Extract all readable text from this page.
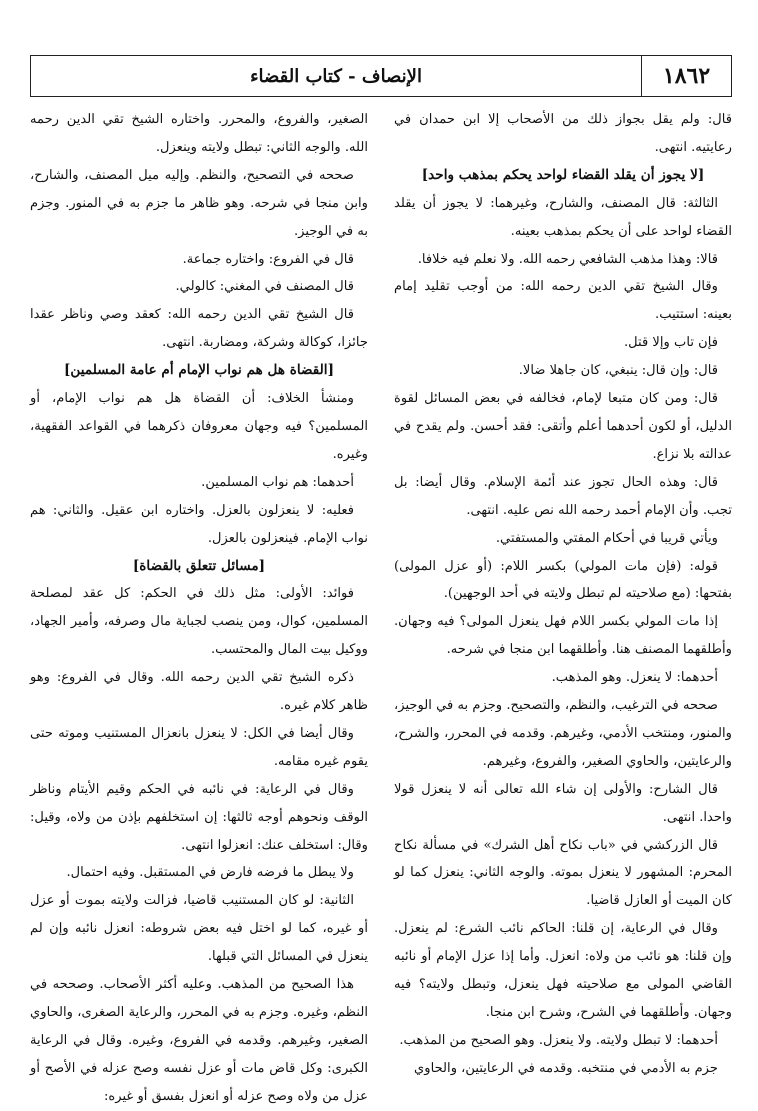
١٨٦٢
الإنصاف - كتاب القضاء

قال: ولم يقل بجواز ذلك من الأصحاب إلا ابن حمدان في رعايتيه. انتهى.

[لا يجوز أن يقلد القضاء لواحد يحكم بمذهب واحد]

الثالثة: قال المصنف، والشارح، وغيرهما: لا يجوز أن يقلد القضاء لواحد على أن يحكم بمذهب بعينه.

قالا: وهذا مذهب الشافعي رحمه الله. ولا نعلم فيه خلافا.

وقال الشيخ تقي الدين رحمه الله: من أوجب تقليد إمام بعينه: استتيب.

فإن تاب وإلا قتل.

قال: وإن قال: ينبغي، كان جاهلا ضالا.

قال: ومن كان متبعا لإمام، فخالفه في بعض المسائل لقوة الدليل، أو لكون أحدهما أعلم وأتقى: فقد أحسن. ولم يقدح في عدالته بلا نزاع.

قال: وهذه الحال تجوز عند أئمة الإسلام. وقال أيضا: بل تجب. وأن الإمام أحمد رحمه الله نص عليه. انتهى.

ويأتي قريبا في أحكام المفتي والمستفتي.

قوله: (فإن مات المولي) بكسر اللام: (أو عزل المولى) بفتحها: (مع صلاحيته لم تبطل ولايته في أحد الوجهين).

إذا مات المولي بكسر اللام فهل ينعزل المولى؟ فيه وجهان. وأطلقهما المصنف هنا. وأطلقهما ابن منجا في شرحه.

أحدهما: لا ينعزل. وهو المذهب.

صححه في الترغيب، والنظم، والتصحيح. وجزم به في الوجيز، والمنور، ومنتخب الأدمي، وغيرهم. وقدمه في المحرر، والشرح، والرعايتين، والحاوي الصغير، والفروع، وغيرهم.

قال الشارح: والأولى إن شاء الله تعالى أنه لا ينعزل قولا واحدا. انتهى.

قال الزركشي في «باب نكاح أهل الشرك» في مسألة نكاح المحرم: المشهور لا ينعزل بموته. والوجه الثاني: ينعزل كما لو كان الميت أو العازل قاضيا.

وقال في الرعاية، إن قلنا: الحاكم نائب الشرع: لم ينعزل. وإن قلنا: هو نائب من ولاه: انعزل. وأما إذا عزل الإمام أو نائبه القاضي المولى مع صلاحيته فهل ينعزل، وتبطل ولايته؟ فيه وجهان. وأطلقهما في الشرح، وشرح ابن منجا.

أحدهما: لا تبطل ولايته. ولا ينعزل. وهو الصحيح من المذهب.

جزم به الأدمي في منتخبه. وقدمه في الرعايتين، والحاوي

الصغير، والفروع، والمحرر. واختاره الشيخ تقي الدين رحمه الله. والوجه الثاني: تبطل ولايته وينعزل.

صححه في التصحيح، والنظم. وإليه ميل المصنف، والشارح، وابن منجا في شرحه. وهو ظاهر ما جزم به في المنور. وجزم به في الوجيز.

قال في الفروع: واختاره جماعة.

قال المصنف في المغني: كالولي.

قال الشيخ تقي الدين رحمه الله: كعقد وصي وناظر عقدا جائزا، كوكالة وشركة، ومضاربة. انتهى.

[القضاة هل هم نواب الإمام أم عامة المسلمين]

ومنشأ الخلاف: أن القضاة هل هم نواب الإمام، أو المسلمين؟ فيه وجهان معروفان ذكرهما في القواعد الفقهية، وغيره.

أحدهما: هم نواب المسلمين.

فعليه: لا ينعزلون بالعزل. واختاره ابن عقيل. والثاني: هم نواب الإمام. فينعزلون بالعزل.

[مسائل تتعلق بالقضاة]

فوائد: الأولى: مثل ذلك في الحكم: كل عقد لمصلحة المسلمين، كوال، ومن ينصب لجباية مال وصرفه، وأمير الجهاد، ووكيل بيت المال والمحتسب.

ذكره الشيخ تقي الدين رحمه الله. وقال في الفروع: وهو ظاهر كلام غيره.

وقال أيضا في الكل: لا ينعزل بانعزال المستنيب وموته حتى يقوم غيره مقامه.

وقال في الرعاية: في نائبه في الحكم وقيم الأيتام وناظر الوقف ونحوهم أوجه ثالثها: إن استخلفهم بإذن من ولاه، وقيل: وقال: استخلف عنك: انعزلوا انتهى.

ولا يبطل ما فرضه فارض في المستقبل. وفيه احتمال.

الثانية: لو كان المستنيب قاضيا، فزالت ولايته بموت أو عزل أو غيره، كما لو اختل فيه بعض شروطه: انعزل نائبه وإن لم ينعزل في المسائل التي قبلها.

هذا الصحيح من المذهب. وعليه أكثر الأصحاب. وصححه في النظم، وغيره. وجزم به في المحرر، والرعاية الصغرى، والحاوي الصغير، وغيرهم. وقدمه في الفروع، وغيره. وقال في الرعاية الكبرى: وكل قاض مات أو عزل نفسه وصح عزله في الأصح أو عزل من ولاه وصح عزله أو انعزل بفسق أو غيره:
